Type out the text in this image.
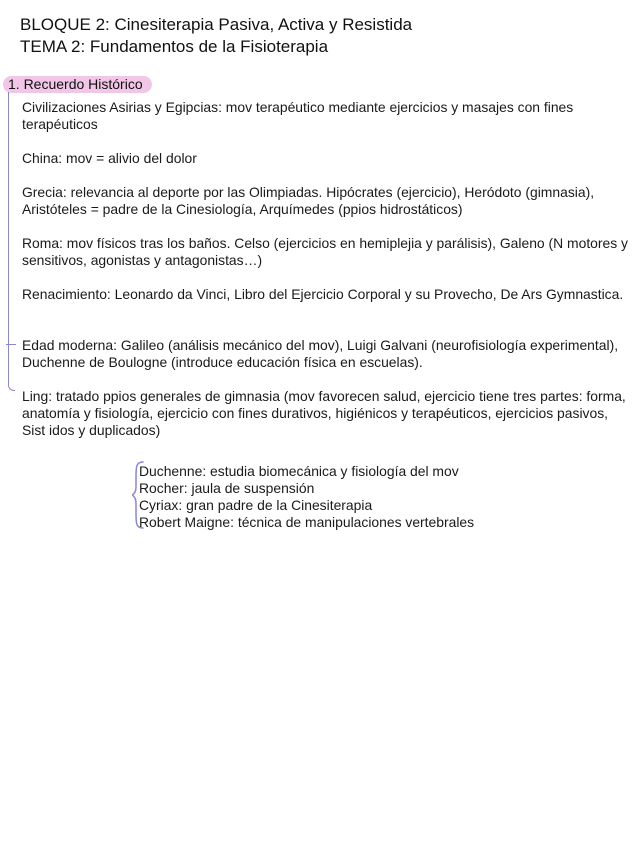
BLOQUE 2: Cinesiterapia Pasiva, Activa y Resistida
TEMA 2: Fundamentos de la Fisioterapia
1. Recuerdo Histórico

Civilizaciones Asirias y Egipcias: mov terapéutico mediante ejercicios y masajes con fines terapéuticos

China: mov = alivio del dolor

Grecia: relevancia al deporte por las Olimpiadas. Hipócrates (ejercicio), Heródoto (gimnasia), Aristóteles = padre de la Cinesiología, Arquímedes (ppios hidrostáticos)

Roma: mov físicos tras los baños. Celso (ejercicios en hemiplejia y parálisis), Galeno (N motores y sensitivos, agonistas y antagonistas…)

Renacimiento: Leonardo da Vinci, Libro del Ejercicio Corporal y su Provecho, De Ars Gymnastica.

Edad moderna: Galileo (análisis mecánico del mov), Luigi Galvani (neurofisiología experimental), Duchenne de Boulogne (introduce educación física en escuelas).

Ling: tratado ppios generales de gimnasia (mov favorecen salud, ejercicio tiene tres partes: forma, anatomía y fisiología, ejercicio con fines durativos, higiénicos y terapéuticos, ejercicios pasivos, Sist idos y duplicados)

Duchenne: estudia biomecánica y fisiología del mov
Rocher: jaula de suspensión
Cyriax: gran padre de la Cinesiterapia
Robert Maigne: técnica de manipulaciones vertebrales
